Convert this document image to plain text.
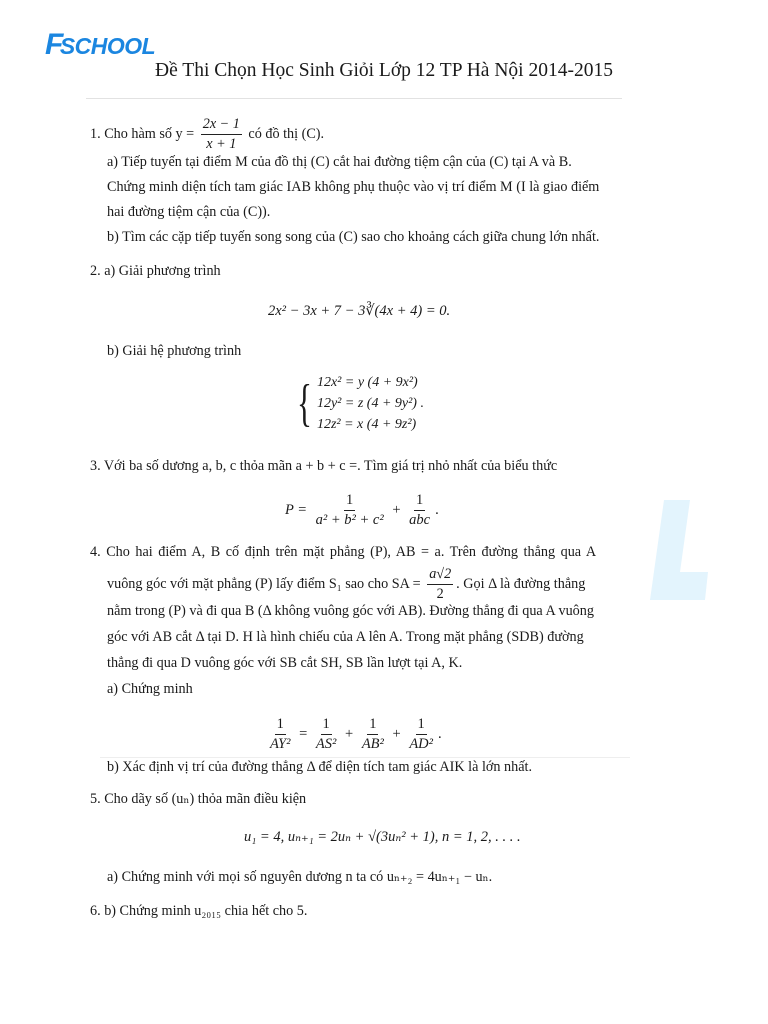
FSCHOOL
Đề Thi Chọn Học Sinh Giỏi Lớp 12 TP Hà Nội 2014-2015
1. Cho hàm số $y = \frac{2x - 1}{x + 1}$ có đồ thị (C).
a) Tiếp tuyến tại điểm M của đồ thị (C) cắt hai đường tiệm cận của (C) tại A và B.
Chứng minh diện tích tam giác IAB không phụ thuộc vào vị trí điểm M (I là giao điểm
hai đường tiệm cận của (C)).
b) Tìm các cặp tiếp tuyến song song của (C) sao cho khoảng cách giữa chung lớn nhất.
2. a) Giải phương trình
2x² − 3x + 7 − 3∛(4x + 4) = 0.
b) Giải hệ phương trình
{ 12x² = y (4 + 9x²)
12y² = z (4 + 9y²) .
12z² = x (4 + 9z²)
3. Với ba số dương a, b, c thỏa mãn a + b + c =. Tìm giá trị nhỏ nhất của biểu thức
$P = \frac{1}{\text{a² + b² + c²}} + \frac{1}{\text{abc}}$ .
4. Cho hai điểm A, B cố định trên mặt phẳng (P), AB = a. Trên đường thẳng qua A
vuông góc với mặt phẳng (P) lấy điểm S₁ sao cho SA = $\frac{a√2}{2}$ . Gọi Δ là đường thẳng
nằm trong (P) và đi qua B (Δ không vuông góc với AB). Đường thẳng đi qua A vuông
góc với AB cắt Δ tại D. H là hình chiếu của A lên A. Trong mặt phẳng (SDB) đường
thẳng đi qua D vuông góc với SB cắt SH, SB lần lượt tại A, K.
a) Chứng minh
$\frac{1}{\text{AY²}} = \frac{1}{\text{AS²}} + \frac{1}{\text{AB²}} + \frac{1}{\text{AD²}}$ .
b) Xác định vị trí của đường thẳng Δ để diện tích tam giác AIK là lớn nhất.
5. Cho dãy số (uₙ) thỏa mãn điều kiện
u₁ = 4, uₙ₊₁ = 2uₙ + √(3uₙ² + 1), n = 1, 2, . . . .
a) Chứng minh với mọi số nguyên dương n ta có uₙ₊₂ = 4uₙ₊₁ − uₙ.
6. b) Chứng minh u₂₀₁₅ chia hết cho 5.
